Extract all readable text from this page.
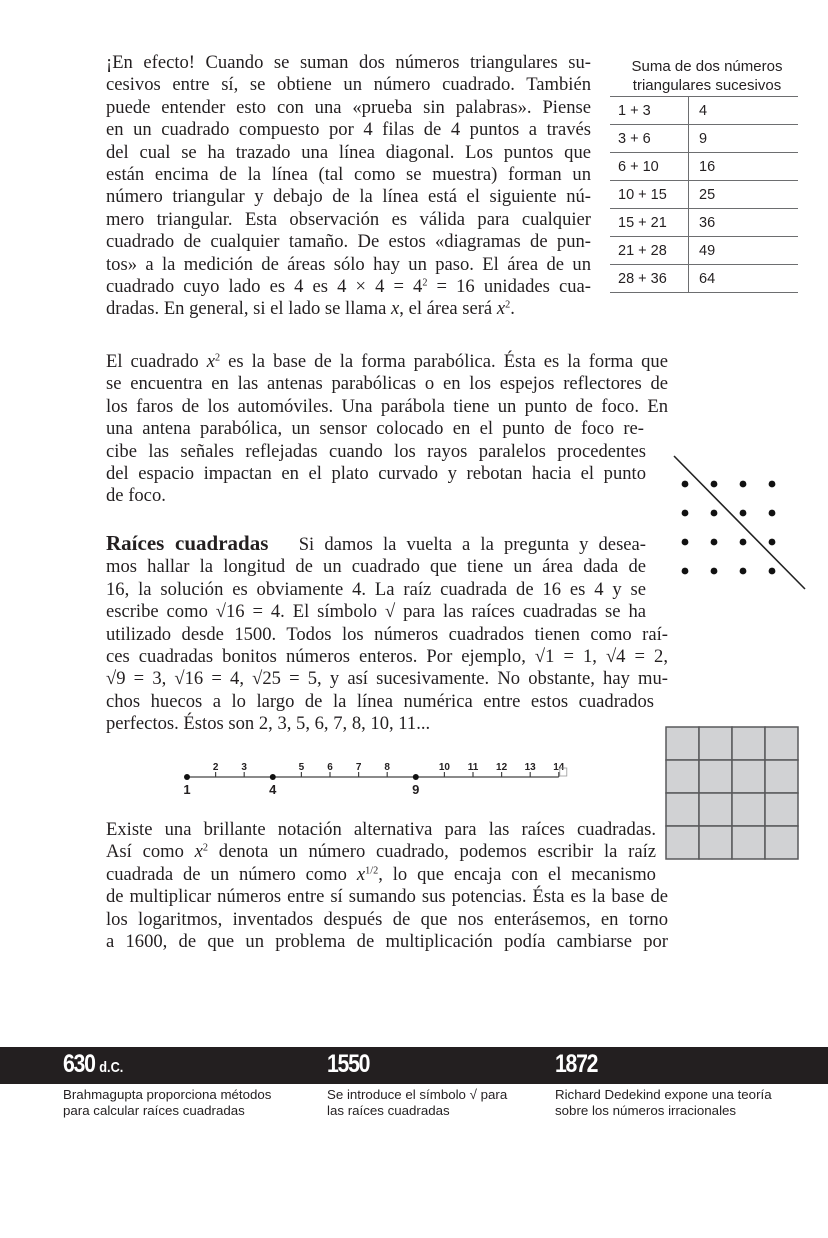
¡En efecto! Cuando se suman dos números triangulares su-
cesivos entre sí, se obtiene un número cuadrado. También
puede entender esto con una «prueba sin palabras». Piense
en un cuadrado compuesto por 4 filas de 4 puntos a través
del cual se ha trazado una línea diagonal. Los puntos que
están encima de la línea (tal como se muestra) forman un
número triangular y debajo de la línea está el siguiente nú-
mero triangular. Esta observación es válida para cualquier
cuadrado de cualquier tamaño. De estos «diagramas de pun-
tos» a la medición de áreas sólo hay un paso. El área de un
cuadrado cuyo lado es 4 es $4 \times 4 = 4^2 = 16$ unidades cua-
dradas. En general, si el lado se llama x, el área será $x^2$.
Suma de dos números
triangulares sucesivos
1 + 3	4
3 + 6	9
6 + 10	16
10 + 15	25
15 + 21	36
21 + 28	49
28 + 36	64
El cuadrado $x^2$ es la base de la forma parabólica. Ésta es la forma que
se encuentra en las antenas parabólicas o en los espejos reflectores de
los faros de los automóviles. Una parábola tiene un punto de foco. En
una antena parabólica, un sensor colocado en el punto de foco re-
cibe las señales reflejadas cuando los rayos paralelos procedentes
del espacio impactan en el plato curvado y rebotan hacia el punto
de foco.
Raíces cuadradas Si damos la vuelta a la pregunta y desea-
mos hallar la longitud de un cuadrado que tiene un área dada de
16, la solución es obviamente 4. La raíz cuadrada de 16 es 4 y se
escribe como √16 = 4. El símbolo √ para las raíces cuadradas se ha
utilizado desde 1500. Todos los números cuadrados tienen como raí-
ces cuadradas bonitos números enteros. Por ejemplo, √1 = 1, √4 = 2,
√9 = 3, √16 = 4, √25 = 5, y así sucesivamente. No obstante, hay mu-
chos huecos a lo largo de la línea numérica entre estos cuadrados
perfectos. Éstos son 2, 3, 5, 6, 7, 8, 10, 11...
2 3	5 6 7 8	10 11 12 13 14
1	4	9
Existe una brillante notación alternativa para las raíces cuadradas.
Así como $x^2$ denota un número cuadrado, podemos escribir la raíz
cuadrada de un número como $x^{1/2}$, lo que encaja con el mecanismo
de multiplicar números entre sí sumando sus potencias. Ésta es la base de
los logaritmos, inventados después de que nos enterásemos, en torno
a 1600, de que un problema de multiplicación podía cambiarse por
630 d.C.
Brahmagupta proporciona métodos
para calcular raíces cuadradas
1550
Se introduce el símbolo √ para
las raíces cuadradas
1872
Richard Dedekind expone una teoría
sobre los números irracionales
